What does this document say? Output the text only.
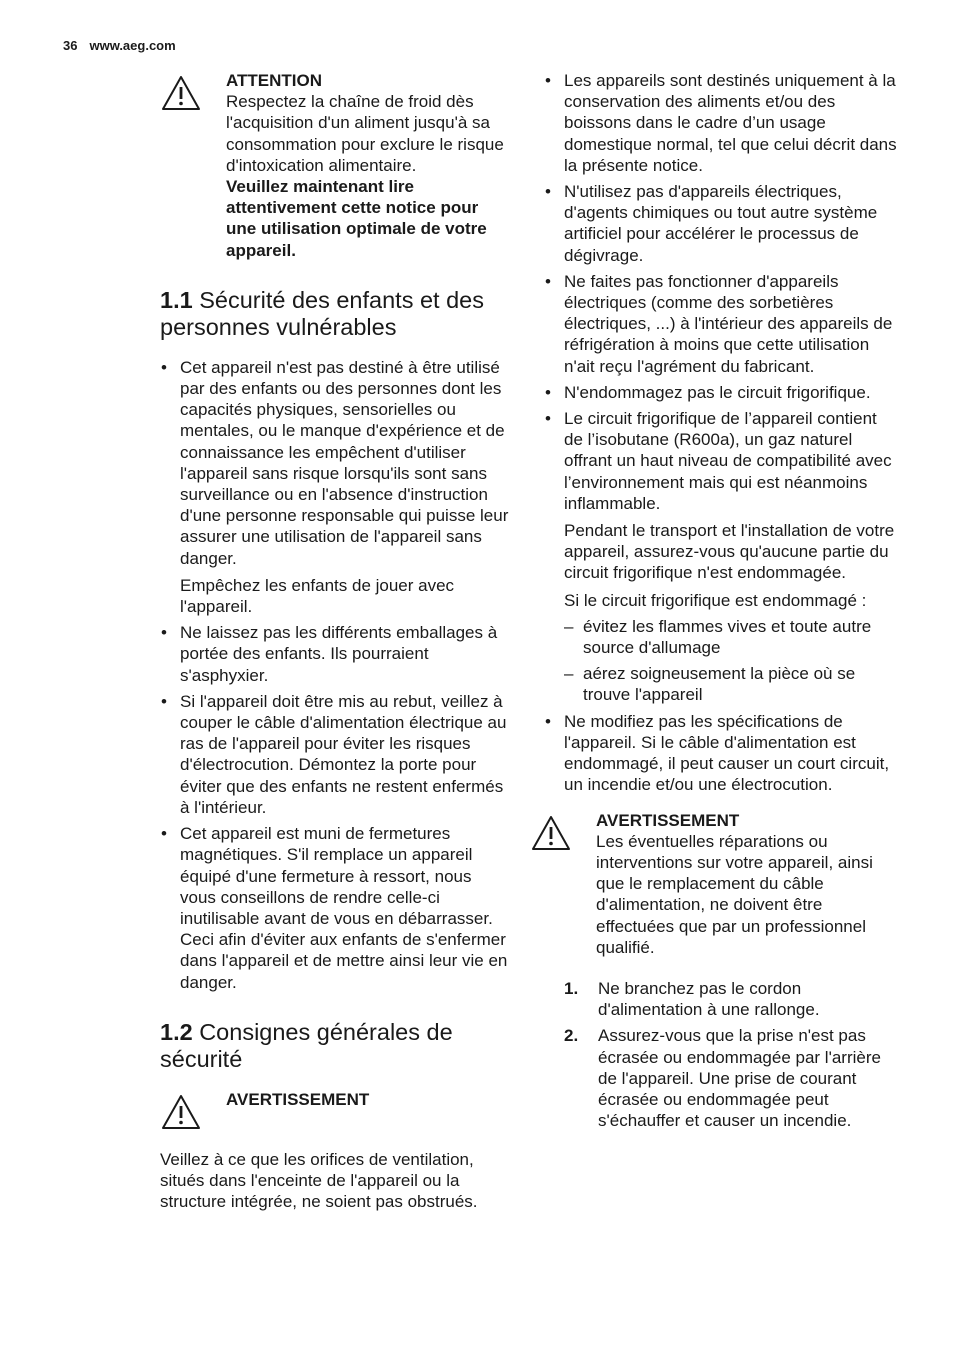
36 www.aeg.com
ATTENTION

Respectez la chaîne de froid dès l'acquisition d'un aliment jusqu'à sa consommation pour exclure le risque d'intoxication alimentaire.

Veuillez maintenant lire attentivement cette notice pour une utilisation optimale de votre appareil.

1.1 Sécurité des enfants et des personnes vulnérables
• Cet appareil n'est pas destiné à être utilisé par des enfants ou des personnes dont les capacités physiques, sensorielles ou mentales, ou le manque d'expérience et de connaissance les empêchent d'utiliser l'appareil sans risque lorsqu'ils sont sans surveillance ou en l'absence d'instruction d'une personne responsable qui puisse leur assurer une utilisation de l'appareil sans danger.

Empêchez les enfants de jouer avec l'appareil.

• Ne laissez pas les différents emballages à portée des enfants. Ils pourraient s'asphyxier.
• Si l'appareil doit être mis au rebut, veillez à couper le câble d'alimentation électrique au ras de l'appareil pour éviter les risques d'électrocution. Démontez la porte pour éviter que des enfants ne restent enfermés à l'intérieur.
• Cet appareil est muni de fermetures magnétiques. S'il remplace un appareil équipé d'une fermeture à ressort, nous vous conseillons de rendre celle-ci inutilisable avant de vous en débarrasser. Ceci afin d'éviter aux enfants de s'enfermer dans l'appareil et de mettre ainsi leur vie en danger.
1.2 Consignes générales de sécurité
AVERTISSEMENT

Veillez à ce que les orifices de ventilation, situés dans l'enceinte de l'appareil ou la structure intégrée, ne soient pas obstrués.

• Les appareils sont destinés uniquement à la conservation des aliments et/ou des boissons dans le cadre d’un usage domestique normal, tel que celui décrit dans la présente notice.
• N'utilisez pas d'appareils électriques, d'agents chimiques ou tout autre système artificiel pour accélérer le processus de dégivrage.
• Ne faites pas fonctionner d'appareils électriques (comme des sorbetières électriques, ...) à l'intérieur des appareils de réfrigération à moins que cette utilisation n'ait reçu l'agrément du fabricant.
• N'endommagez pas le circuit frigorifique.
• Le circuit frigorifique de l’appareil contient de l’isobutane (R600a), un gaz naturel offrant un haut niveau de compatibilité avec l’environnement mais qui est néanmoins inflammable.

Pendant le transport et l'installation de votre appareil, assurez-vous qu'aucune partie du circuit frigorifique n'est endommagée.

Si le circuit frigorifique est endommagé :

– évitez les flammes vives et toute autre source d'allumage
– aérez soigneusement la pièce où se trouve l'appareil
• Ne modifiez pas les spécifications de l'appareil. Si le câble d'alimentation est endommagé, il peut causer un court circuit, un incendie et/ou une électrocution.
AVERTISSEMENT

Les éventuelles réparations ou interventions sur votre appareil, ainsi que le remplacement du câble d'alimentation, ne doivent être effectuées que par un professionnel qualifié.

1. Ne branchez pas le cordon d'alimentation à une rallonge.
2. Assurez-vous que la prise n'est pas écrasée ou endommagée par l'arrière de l'appareil. Une prise de courant écrasée ou endommagée peut s'échauffer et causer un incendie.
